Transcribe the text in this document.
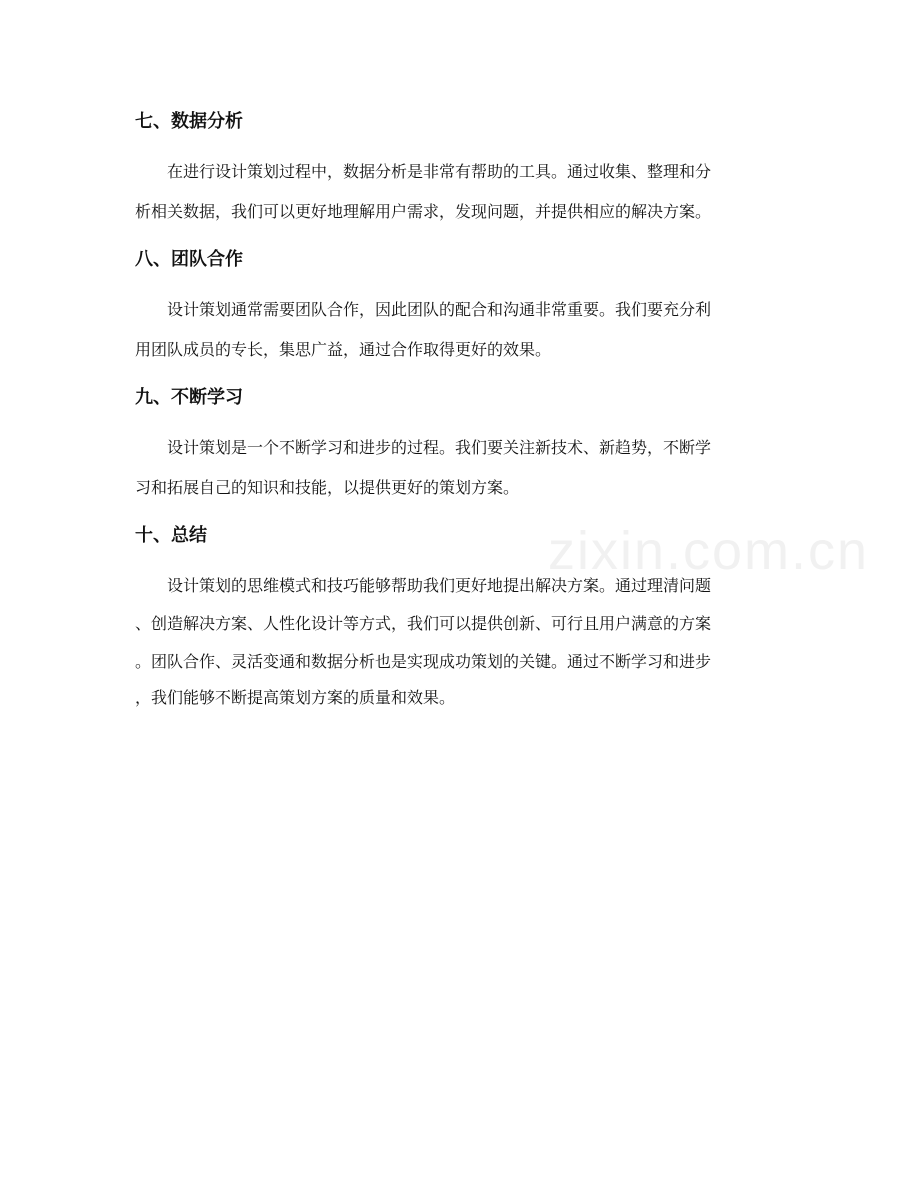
zixin.com.cn
七、数据分析

在进行设计策划过程中，数据分析是非常有帮助的工具。通过收集、整理和分

析相关数据，我们可以更好地理解用户需求，发现问题，并提供相应的解决方案。

八、团队合作

设计策划通常需要团队合作，因此团队的配合和沟通非常重要。我们要充分利

用团队成员的专长，集思广益，通过合作取得更好的效果。

九、不断学习

设计策划是一个不断学习和进步的过程。我们要关注新技术、新趋势，不断学

习和拓展自己的知识和技能，以提供更好的策划方案。

十、总结

设计策划的思维模式和技巧能够帮助我们更好地提出解决方案。通过理清问题

、创造解决方案、人性化设计等方式，我们可以提供创新、可行且用户满意的方案

。团队合作、灵活变通和数据分析也是实现成功策划的关键。通过不断学习和进步

，我们能够不断提高策划方案的质量和效果。
